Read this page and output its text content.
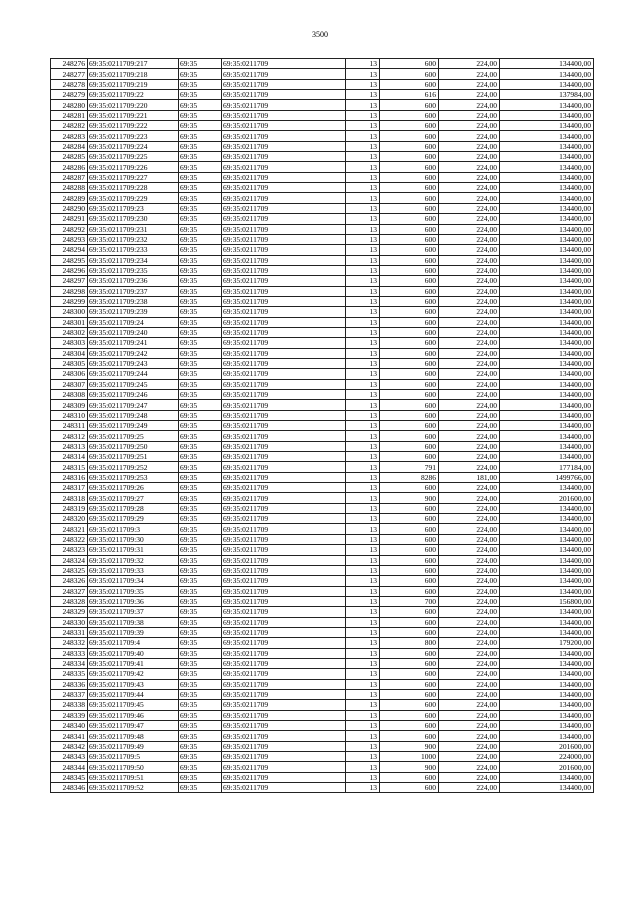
3500
248276	69:35:0211709:217	69:35	69:35:0211709	13	600	224,00	134400,00
248277	69:35:0211709:218	69:35	69:35:0211709	13	600	224,00	134400,00
248278	69:35:0211709:219	69:35	69:35:0211709	13	600	224,00	134400,00
248279	69:35:0211709:22	69:35	69:35:0211709	13	616	224,00	137984,00
248280	69:35:0211709:220	69:35	69:35:0211709	13	600	224,00	134400,00
248281	69:35:0211709:221	69:35	69:35:0211709	13	600	224,00	134400,00
248282	69:35:0211709:222	69:35	69:35:0211709	13	600	224,00	134400,00
248283	69:35:0211709:223	69:35	69:35:0211709	13	600	224,00	134400,00
248284	69:35:0211709:224	69:35	69:35:0211709	13	600	224,00	134400,00
248285	69:35:0211709:225	69:35	69:35:0211709	13	600	224,00	134400,00
248286	69:35:0211709:226	69:35	69:35:0211709	13	600	224,00	134400,00
248287	69:35:0211709:227	69:35	69:35:0211709	13	600	224,00	134400,00
248288	69:35:0211709:228	69:35	69:35:0211709	13	600	224,00	134400,00
248289	69:35:0211709:229	69:35	69:35:0211709	13	600	224,00	134400,00
248290	69:35:0211709:23	69:35	69:35:0211709	13	600	224,00	134400,00
248291	69:35:0211709:230	69:35	69:35:0211709	13	600	224,00	134400,00
248292	69:35:0211709:231	69:35	69:35:0211709	13	600	224,00	134400,00
248293	69:35:0211709:232	69:35	69:35:0211709	13	600	224,00	134400,00
248294	69:35:0211709:233	69:35	69:35:0211709	13	600	224,00	134400,00
248295	69:35:0211709:234	69:35	69:35:0211709	13	600	224,00	134400,00
248296	69:35:0211709:235	69:35	69:35:0211709	13	600	224,00	134400,00
248297	69:35:0211709:236	69:35	69:35:0211709	13	600	224,00	134400,00
248298	69:35:0211709:237	69:35	69:35:0211709	13	600	224,00	134400,00
248299	69:35:0211709:238	69:35	69:35:0211709	13	600	224,00	134400,00
248300	69:35:0211709:239	69:35	69:35:0211709	13	600	224,00	134400,00
248301	69:35:0211709:24	69:35	69:35:0211709	13	600	224,00	134400,00
248302	69:35:0211709:240	69:35	69:35:0211709	13	600	224,00	134400,00
248303	69:35:0211709:241	69:35	69:35:0211709	13	600	224,00	134400,00
248304	69:35:0211709:242	69:35	69:35:0211709	13	600	224,00	134400,00
248305	69:35:0211709:243	69:35	69:35:0211709	13	600	224,00	134400,00
248306	69:35:0211709:244	69:35	69:35:0211709	13	600	224,00	134400,00
248307	69:35:0211709:245	69:35	69:35:0211709	13	600	224,00	134400,00
248308	69:35:0211709:246	69:35	69:35:0211709	13	600	224,00	134400,00
248309	69:35:0211709:247	69:35	69:35:0211709	13	600	224,00	134400,00
248310	69:35:0211709:248	69:35	69:35:0211709	13	600	224,00	134400,00
248311	69:35:0211709:249	69:35	69:35:0211709	13	600	224,00	134400,00
248312	69:35:0211709:25	69:35	69:35:0211709	13	600	224,00	134400,00
248313	69:35:0211709:250	69:35	69:35:0211709	13	600	224,00	134400,00
248314	69:35:0211709:251	69:35	69:35:0211709	13	600	224,00	134400,00
248315	69:35:0211709:252	69:35	69:35:0211709	13	791	224,00	177184,00
248316	69:35:0211709:253	69:35	69:35:0211709	13	8286	181,00	1499766,00
248317	69:35:0211709:26	69:35	69:35:0211709	13	600	224,00	134400,00
248318	69:35:0211709:27	69:35	69:35:0211709	13	900	224,00	201600,00
248319	69:35:0211709:28	69:35	69:35:0211709	13	600	224,00	134400,00
248320	69:35:0211709:29	69:35	69:35:0211709	13	600	224,00	134400,00
248321	69:35:0211709:3	69:35	69:35:0211709	13	600	224,00	134400,00
248322	69:35:0211709:30	69:35	69:35:0211709	13	600	224,00	134400,00
248323	69:35:0211709:31	69:35	69:35:0211709	13	600	224,00	134400,00
248324	69:35:0211709:32	69:35	69:35:0211709	13	600	224,00	134400,00
248325	69:35:0211709:33	69:35	69:35:0211709	13	600	224,00	134400,00
248326	69:35:0211709:34	69:35	69:35:0211709	13	600	224,00	134400,00
248327	69:35:0211709:35	69:35	69:35:0211709	13	600	224,00	134400,00
248328	69:35:0211709:36	69:35	69:35:0211709	13	700	224,00	156800,00
248329	69:35:0211709:37	69:35	69:35:0211709	13	600	224,00	134400,00
248330	69:35:0211709:38	69:35	69:35:0211709	13	600	224,00	134400,00
248331	69:35:0211709:39	69:35	69:35:0211709	13	600	224,00	134400,00
248332	69:35:0211709:4	69:35	69:35:0211709	13	800	224,00	179200,00
248333	69:35:0211709:40	69:35	69:35:0211709	13	600	224,00	134400,00
248334	69:35:0211709:41	69:35	69:35:0211709	13	600	224,00	134400,00
248335	69:35:0211709:42	69:35	69:35:0211709	13	600	224,00	134400,00
248336	69:35:0211709:43	69:35	69:35:0211709	13	600	224,00	134400,00
248337	69:35:0211709:44	69:35	69:35:0211709	13	600	224,00	134400,00
248338	69:35:0211709:45	69:35	69:35:0211709	13	600	224,00	134400,00
248339	69:35:0211709:46	69:35	69:35:0211709	13	600	224,00	134400,00
248340	69:35:0211709:47	69:35	69:35:0211709	13	600	224,00	134400,00
248341	69:35:0211709:48	69:35	69:35:0211709	13	600	224,00	134400,00
248342	69:35:0211709:49	69:35	69:35:0211709	13	900	224,00	201600,00
248343	69:35:0211709:5	69:35	69:35:0211709	13	1000	224,00	224000,00
248344	69:35:0211709:50	69:35	69:35:0211709	13	900	224,00	201600,00
248345	69:35:0211709:51	69:35	69:35:0211709	13	600	224,00	134400,00
248346	69:35:0211709:52	69:35	69:35:0211709	13	600	224,00	134400,00
